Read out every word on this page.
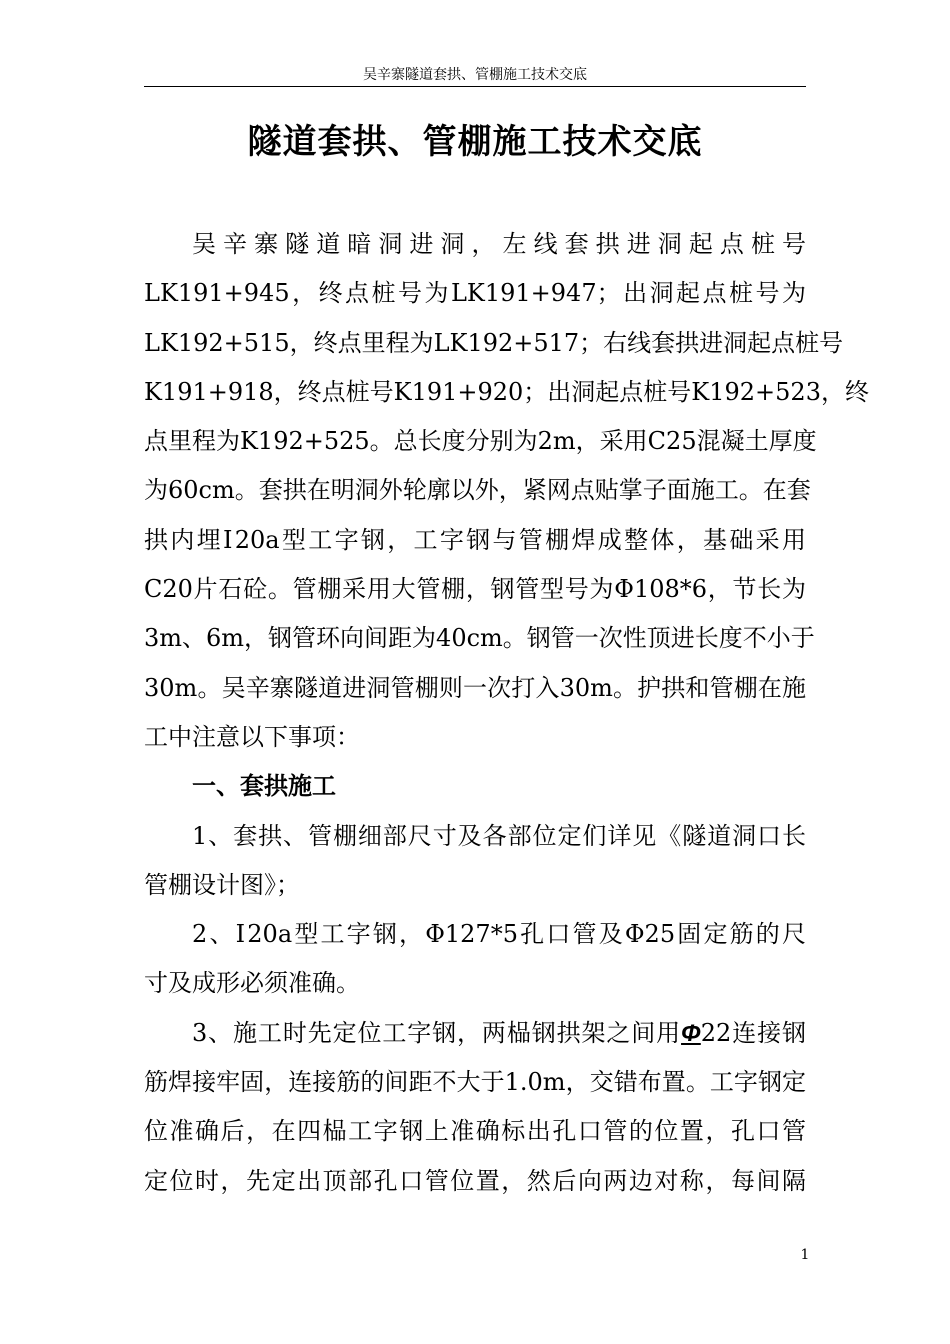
吴辛寨隧道套拱、管棚施工技术交底
隧道套拱、管棚施工技术交底
吴辛寨隧道暗洞进洞，左线套拱进洞起点桩号
LK191+945，终点桩号为LK191+947；出洞起点桩号为
LK192+515，终点里程为LK192+517；右线套拱进洞起点桩号
K191+918，终点桩号K191+920；出洞起点桩号K192+523，终
点里程为K192+525。总长度分别为2m，采用C25混凝土厚度
为60cm。套拱在明洞外轮廓以外，紧网点贴掌子面施工。在套
拱内埋Ⅰ20a型工字钢，工字钢与管棚焊成整体，基础采用
C20片石砼。管棚采用大管棚，钢管型号为Φ108*6，节长为
3m、6m，钢管环向间距为40cm。钢管一次性顶进长度不小于
30m。吴辛寨隧道进洞管棚则一次打入30m。护拱和管棚在施
工中注意以下事项：
一、套拱施工
1、套拱、管棚细部尺寸及各部位定们详见《隧道洞口长
管棚设计图》；
2、Ⅰ20a型工字钢，Φ127*5孔口管及Φ25固定筋的尺
寸及成形必须准确。
3、施工时先定位工字钢，两榀钢拱架之间用Φ22连接钢
筋焊接牢固，连接筋的间距不大于1.0m，交错布置。工字钢定
位准确后，在四榀工字钢上准确标出孔口管的位置，孔口管
定位时，先定出顶部孔口管位置，然后向两边对称，每间隔
1
